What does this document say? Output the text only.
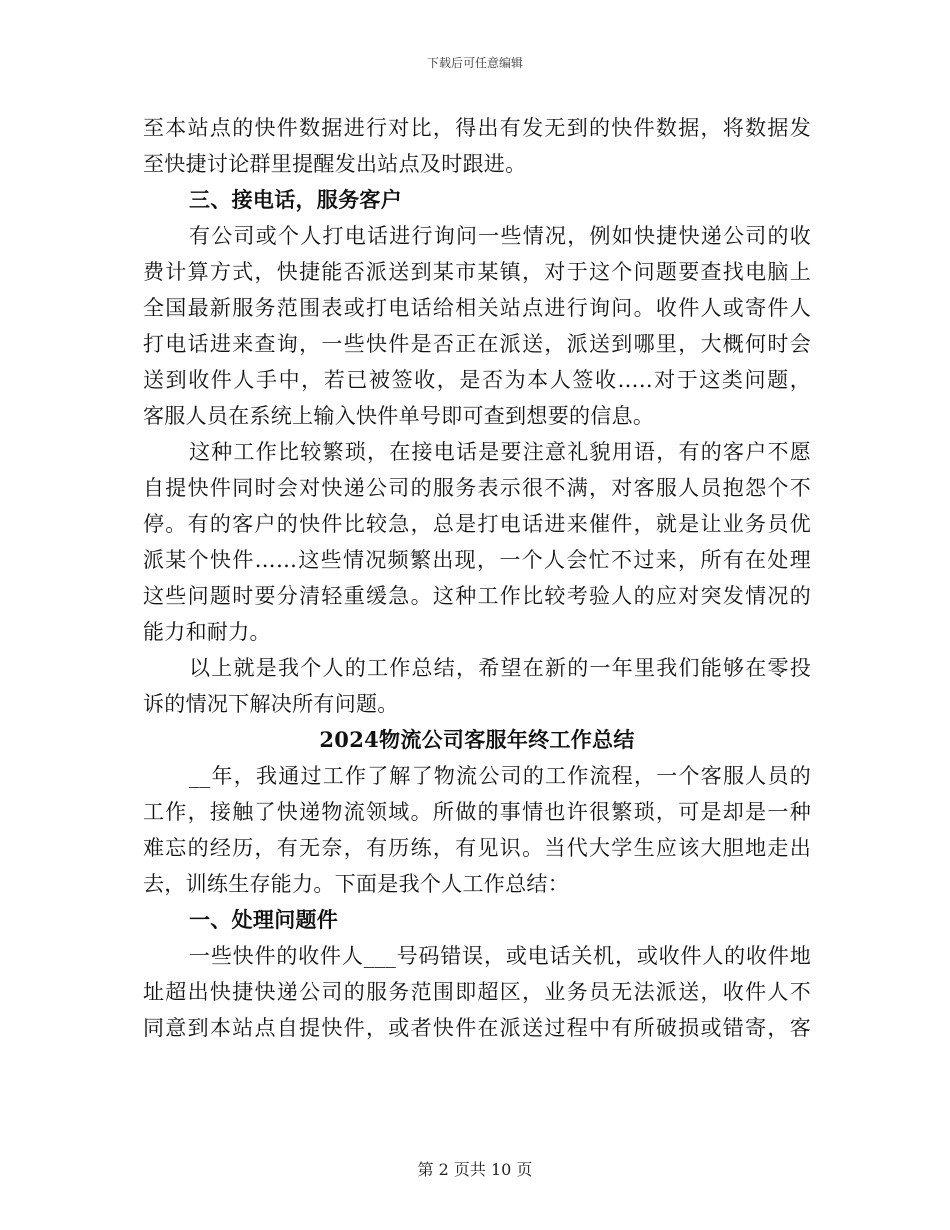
下载后可任意编辑
至本站点的快件数据进行对比，得出有发无到的快件数据，将数据发
至快捷讨论群里提醒发出站点及时跟进。
三、接电话，服务客户
有公司或个人打电话进行询问一些情况，例如快捷快递公司的收
费计算方式，快捷能否派送到某市某镇，对于这个问题要查找电脑上
全国最新服务范围表或打电话给相关站点进行询问。收件人或寄件人
打电话进来查询，一些快件是否正在派送，派送到哪里，大概何时会
送到收件人手中，若已被签收，是否为本人签收…..对于这类问题，
客服人员在系统上输入快件单号即可查到想要的信息。
这种工作比较繁琐，在接电话是要注意礼貌用语，有的客户不愿
自提快件同时会对快递公司的服务表示很不满，对客服人员抱怨个不
停。有的客户的快件比较急，总是打电话进来催件，就是让业务员优
派某个快件……这些情况频繁出现，一个人会忙不过来，所有在处理
这些问题时要分清轻重缓急。这种工作比较考验人的应对突发情况的
能力和耐力。
以上就是我个人的工作总结，希望在新的一年里我们能够在零投
诉的情况下解决所有问题。
2024物流公司客服年终工作总结
__年，我通过工作了解了物流公司的工作流程，一个客服人员的
工作，接触了快递物流领域。所做的事情也许很繁琐，可是却是一种
难忘的经历，有无奈，有历练，有见识。当代大学生应该大胆地走出
去，训练生存能力。下面是我个人工作总结：
一、处理问题件
一些快件的收件人___号码错误，或电话关机，或收件人的收件地
址超出快捷快递公司的服务范围即超区，业务员无法派送，收件人不
同意到本站点自提快件，或者快件在派送过程中有所破损或错寄，客
第 2 页共 10 页
